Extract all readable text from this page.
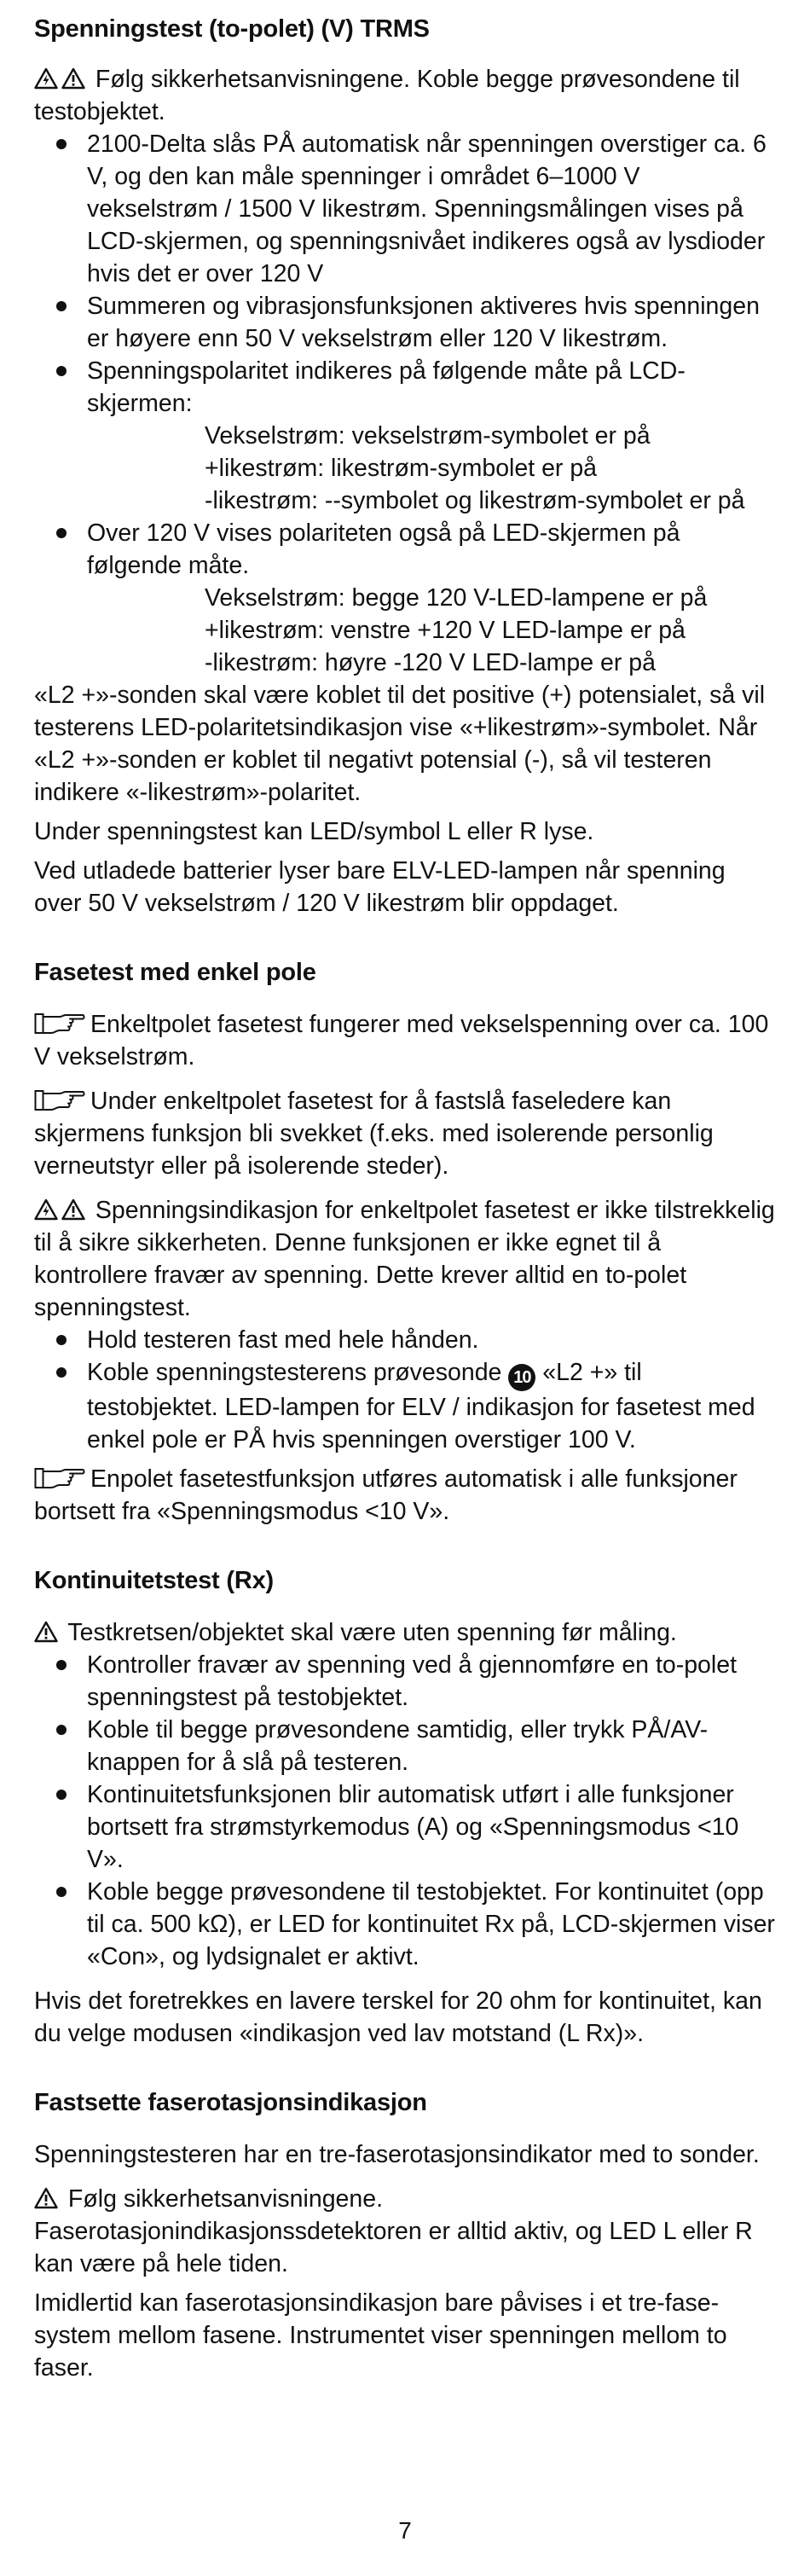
Spenningstest (to-polet) (V) TRMS

Følg sikkerhetsanvisningene. Koble begge prøvesondene til testobjektet.

2100-Delta slås PÅ automatisk når spenningen overstiger ca. 6 V, og den kan måle spenninger i området 6–1000 V vekselstrøm / 1500 V likestrøm. Spenningsmålingen vises på LCD-skjermen, og spenningsnivået indikeres også av lysdioder hvis det er over 120 V
Summeren og vibrasjonsfunksjonen aktiveres hvis spenningen er høyere enn 50 V vekselstrøm eller 120 V likestrøm.
Spenningspolaritet indikeres på følgende måte på LCD-skjermen:
Vekselstrøm: vekselstrøm-symbolet er på
+likestrøm: likestrøm-symbolet er på
-likestrøm: --symbolet og likestrøm-symbolet er på
Over 120 V vises polariteten også på LED-skjermen på følgende måte.
Vekselstrøm: begge 120 V-LED-lampene er på
+likestrøm: venstre +120 V LED-lampe er på
-likestrøm: høyre -120 V LED-lampe er på

«L2 +»-sonden skal være koblet til det positive (+) potensialet, så vil testerens LED-polaritetsindikasjon vise «+likestrøm»-symbolet. Når «L2 +»-sonden er koblet til negativt potensial (-), så vil testeren indikere «-likestrøm»-polaritet.

Under spenningstest kan LED/symbol L eller R lyse.

Ved utladede batterier lyser bare ELV-LED-lampen når spenning over 50 V vekselstrøm / 120 V likestrøm blir oppdaget.

Fasetest med enkel pole

Enkeltpolet fasetest fungerer med vekselspenning over ca. 100 V vekselstrøm.

Under enkeltpolet fasetest for å fastslå faseledere kan skjermens funksjon bli svekket (f.eks. med isolerende personlig verneutstyr eller på isolerende steder).

Spenningsindikasjon for enkeltpolet fasetest er ikke tilstrekkelig til å sikre sikkerheten. Denne funksjonen er ikke egnet til å kontrollere fravær av spenning. Dette krever alltid en to-polet spenningstest.

Hold testeren fast med hele hånden.
Koble spenningstesterens prøvesonde 10 «L2 +» til testobjektet. LED-lampen for ELV / indikasjon for fasetest med enkel pole er PÅ hvis spenningen overstiger 100 V.

Enpolet fasetestfunksjon utføres automatisk i alle funksjoner bortsett fra «Spenningsmodus <10 V».

Kontinuitetstest (Rx)

Testkretsen/objektet skal være uten spenning før måling.

Kontroller fravær av spenning ved å gjennomføre en to-polet spenningstest på testobjektet.
Koble til begge prøvesondene samtidig, eller trykk PÅ/AV-knappen for å slå på testeren.
Kontinuitetsfunksjonen blir automatisk utført i alle funksjoner bortsett fra strømstyrkemodus (A) og «Spenningsmodus <10 V».
Koble begge prøvesondene til testobjektet. For kontinuitet (opp til ca. 500 kΩ), er LED for kontinuitet Rx på, LCD-skjermen viser «Con», og lydsignalet er aktivt.

Hvis det foretrekkes en lavere terskel for 20 ohm for kontinuitet, kan du velge modusen «indikasjon ved lav motstand (L Rx)».

Fastsette faserotasjonsindikasjon

Spenningstesteren har en tre-faserotasjonsindikator med to sonder.

Følg sikkerhetsanvisningene.

Faserotasjonindikasjonssdetektoren er alltid aktiv, og LED L eller R kan være på hele tiden.

Imidlertid kan faserotasjonsindikasjon bare påvises i et tre-fase-system mellom fasene. Instrumentet viser spenningen mellom to faser.

7
